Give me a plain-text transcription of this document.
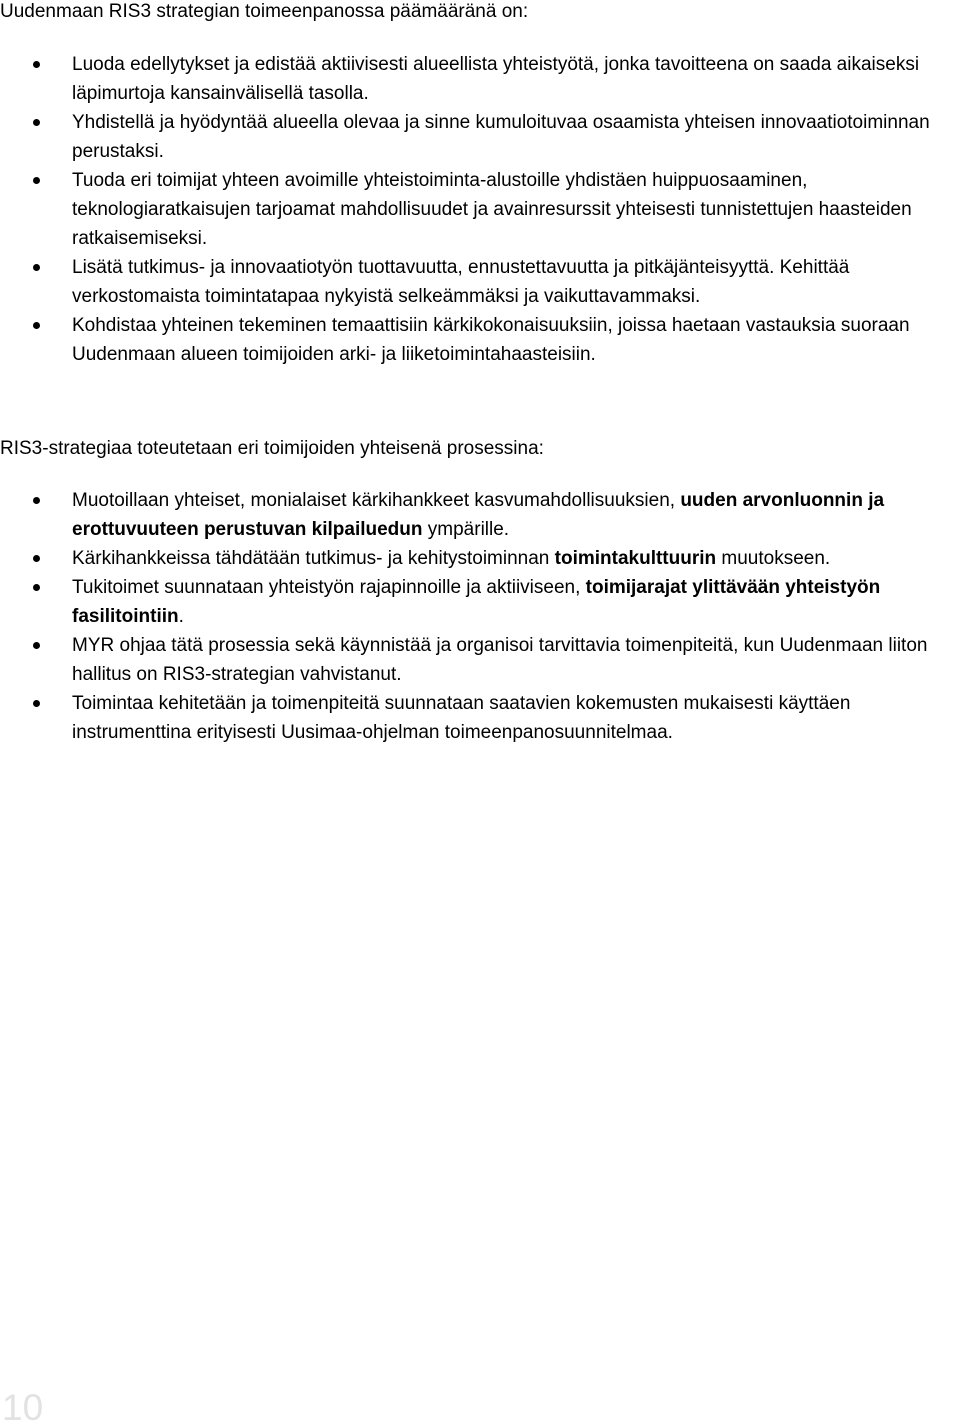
Uudenmaan RIS3 strategian toimeenpanossa päämääränä on:
Luoda edellytykset ja edistää aktiivisesti alueellista yhteistyötä, jonka tavoitteena on saada aikaiseksi läpimurtoja kansainvälisellä tasolla.
Yhdistellä ja hyödyntää alueella olevaa ja sinne kumuloituvaa osaamista yhteisen innovaatiotoiminnan perustaksi.
Tuoda eri toimijat yhteen avoimille yhteistoiminta-alustoille yhdistäen huippuosaaminen, teknologiaratkaisujen tarjoamat mahdollisuudet ja avainresurssit yhteisesti tunnistettujen haasteiden ratkaisemiseksi.
Lisätä tutkimus- ja innovaatiotyön tuottavuutta, ennustettavuutta ja pitkäjänteisyyttä. Kehittää verkostomaista toimintatapaa nykyistä selkeämmäksi ja vaikuttavammaksi.
Kohdistaa yhteinen tekeminen temaattisiin kärkikokonaisuuksiin, joissa haetaan vastauksia suoraan Uudenmaan alueen toimijoiden arki- ja liiketoimintahaasteisiin.
RIS3-strategiaa toteutetaan eri toimijoiden yhteisenä prosessina:
Muotoillaan yhteiset, monialaiset kärkihankkeet kasvumahdollisuuksien, uuden arvonluonnin ja erottuvuuteen perustuvan kilpailuedun ympärille.
Kärkihankkeissa tähdätään tutkimus- ja kehitystoiminnan toimintakulttuurin muutokseen.
Tukitoimet suunnataan yhteistyön rajapinnoille ja aktiiviseen, toimijarajat ylittävään yhteistyön fasilitointiin.
MYR ohjaa tätä prosessia sekä käynnistää ja organisoi tarvittavia toimenpiteitä, kun Uudenmaan liiton hallitus on RIS3-strategian vahvistanut.
Toimintaa kehitetään ja toimenpiteitä suunnataan saatavien kokemusten mukaisesti käyttäen instrumenttina erityisesti Uusimaa-ohjelman toimeenpanosuunnitelmaa.
10
